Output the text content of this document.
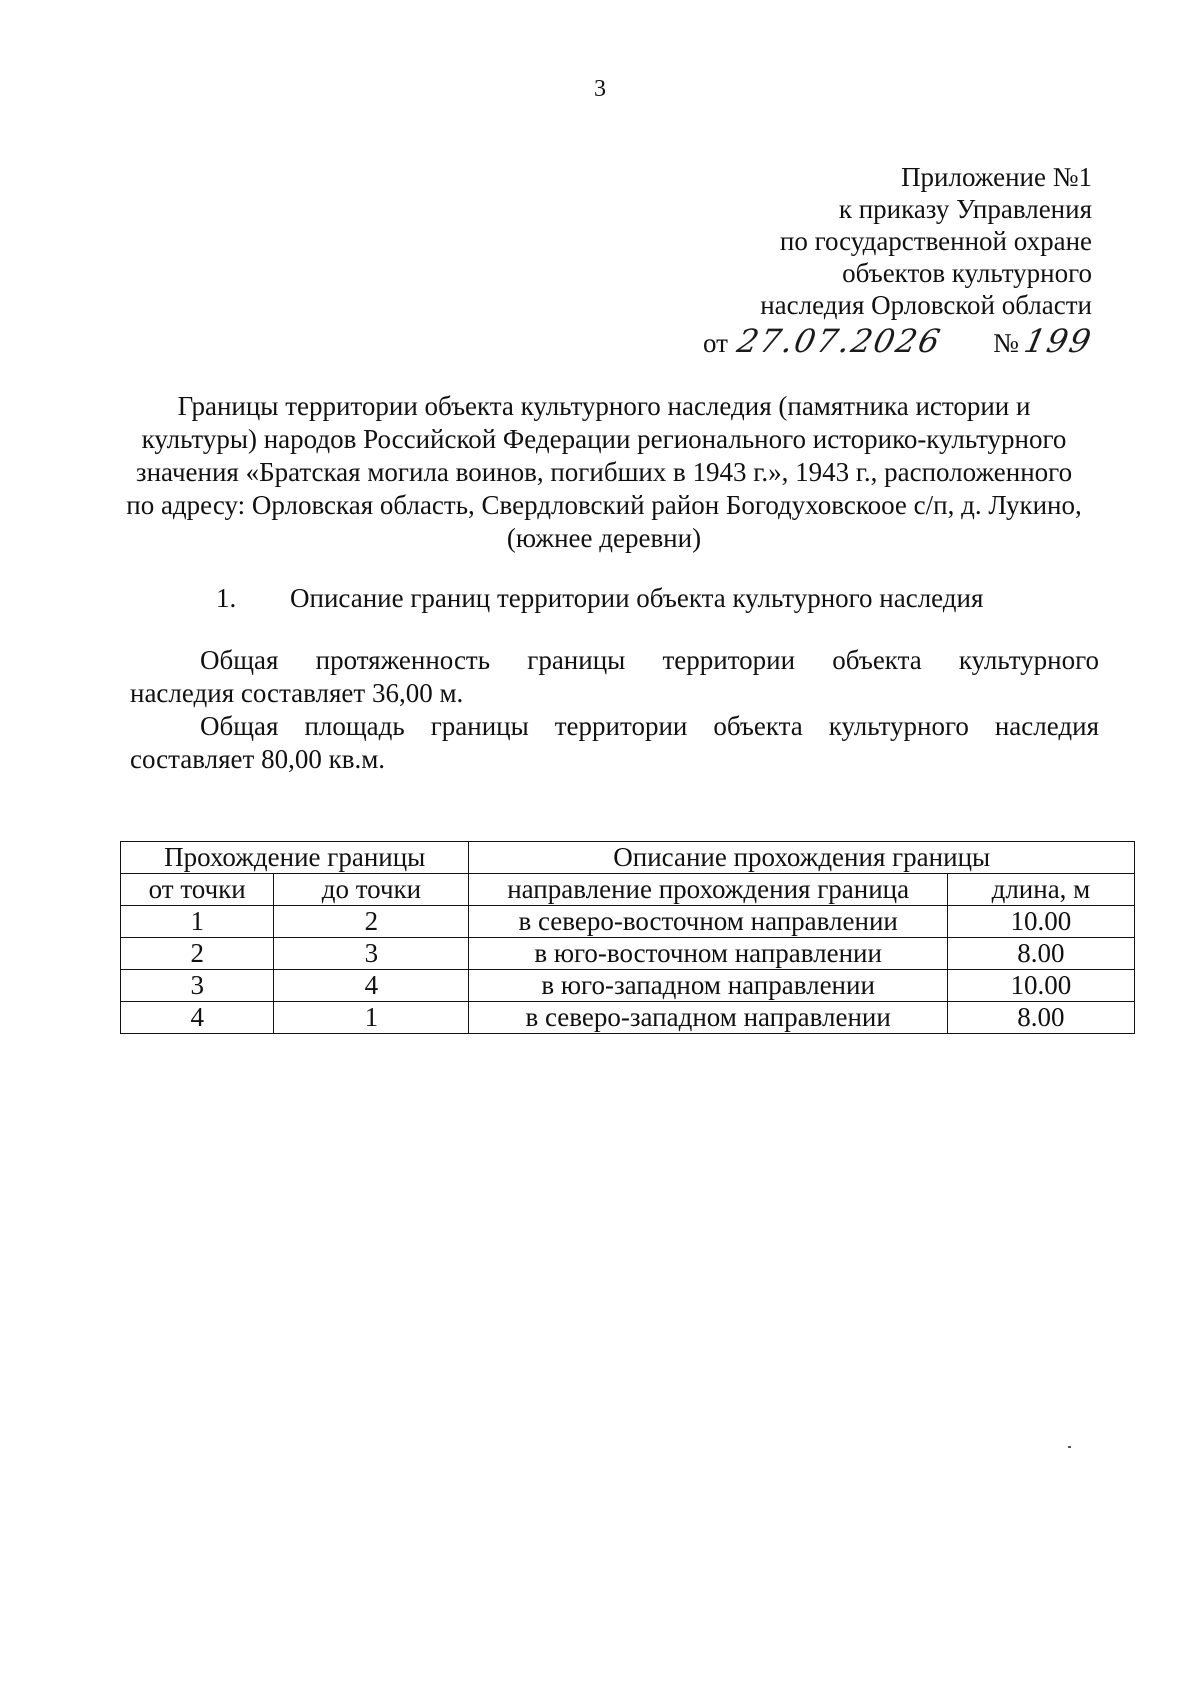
3
Приложение №1
к приказу Управления
по государственной охране
объектов культурного
наследия Орловской области
от 27.07.2026 № 199
Границы территории объекта культурного наследия (памятника истории и культуры) народов Российской Федерации регионального историко-культурного значения «Братская могила воинов, погибших в 1943 г.», 1943 г., расположенного по адресу: Орловская область, Свердловский район Богодуховскоое с/п, д. Лукино, (южнее деревни)
1. Описание границ территории объекта культурного наследия
Общая протяженность границы территории объекта культурного
наследия составляет 36,00 м.
Общая площадь границы территории объекта культурного наследия
составляет 80,00 кв.м.
Прохождение границы		Описание прохождения границы	
от точки	до точки	направление прохождения граница	длина, м
1	2	в северо-восточном направлении	10.00
2	3	в юго-восточном направлении	8.00
3	4	в юго-западном направлении	10.00
4	1	в северо-западном направлении	8.00
